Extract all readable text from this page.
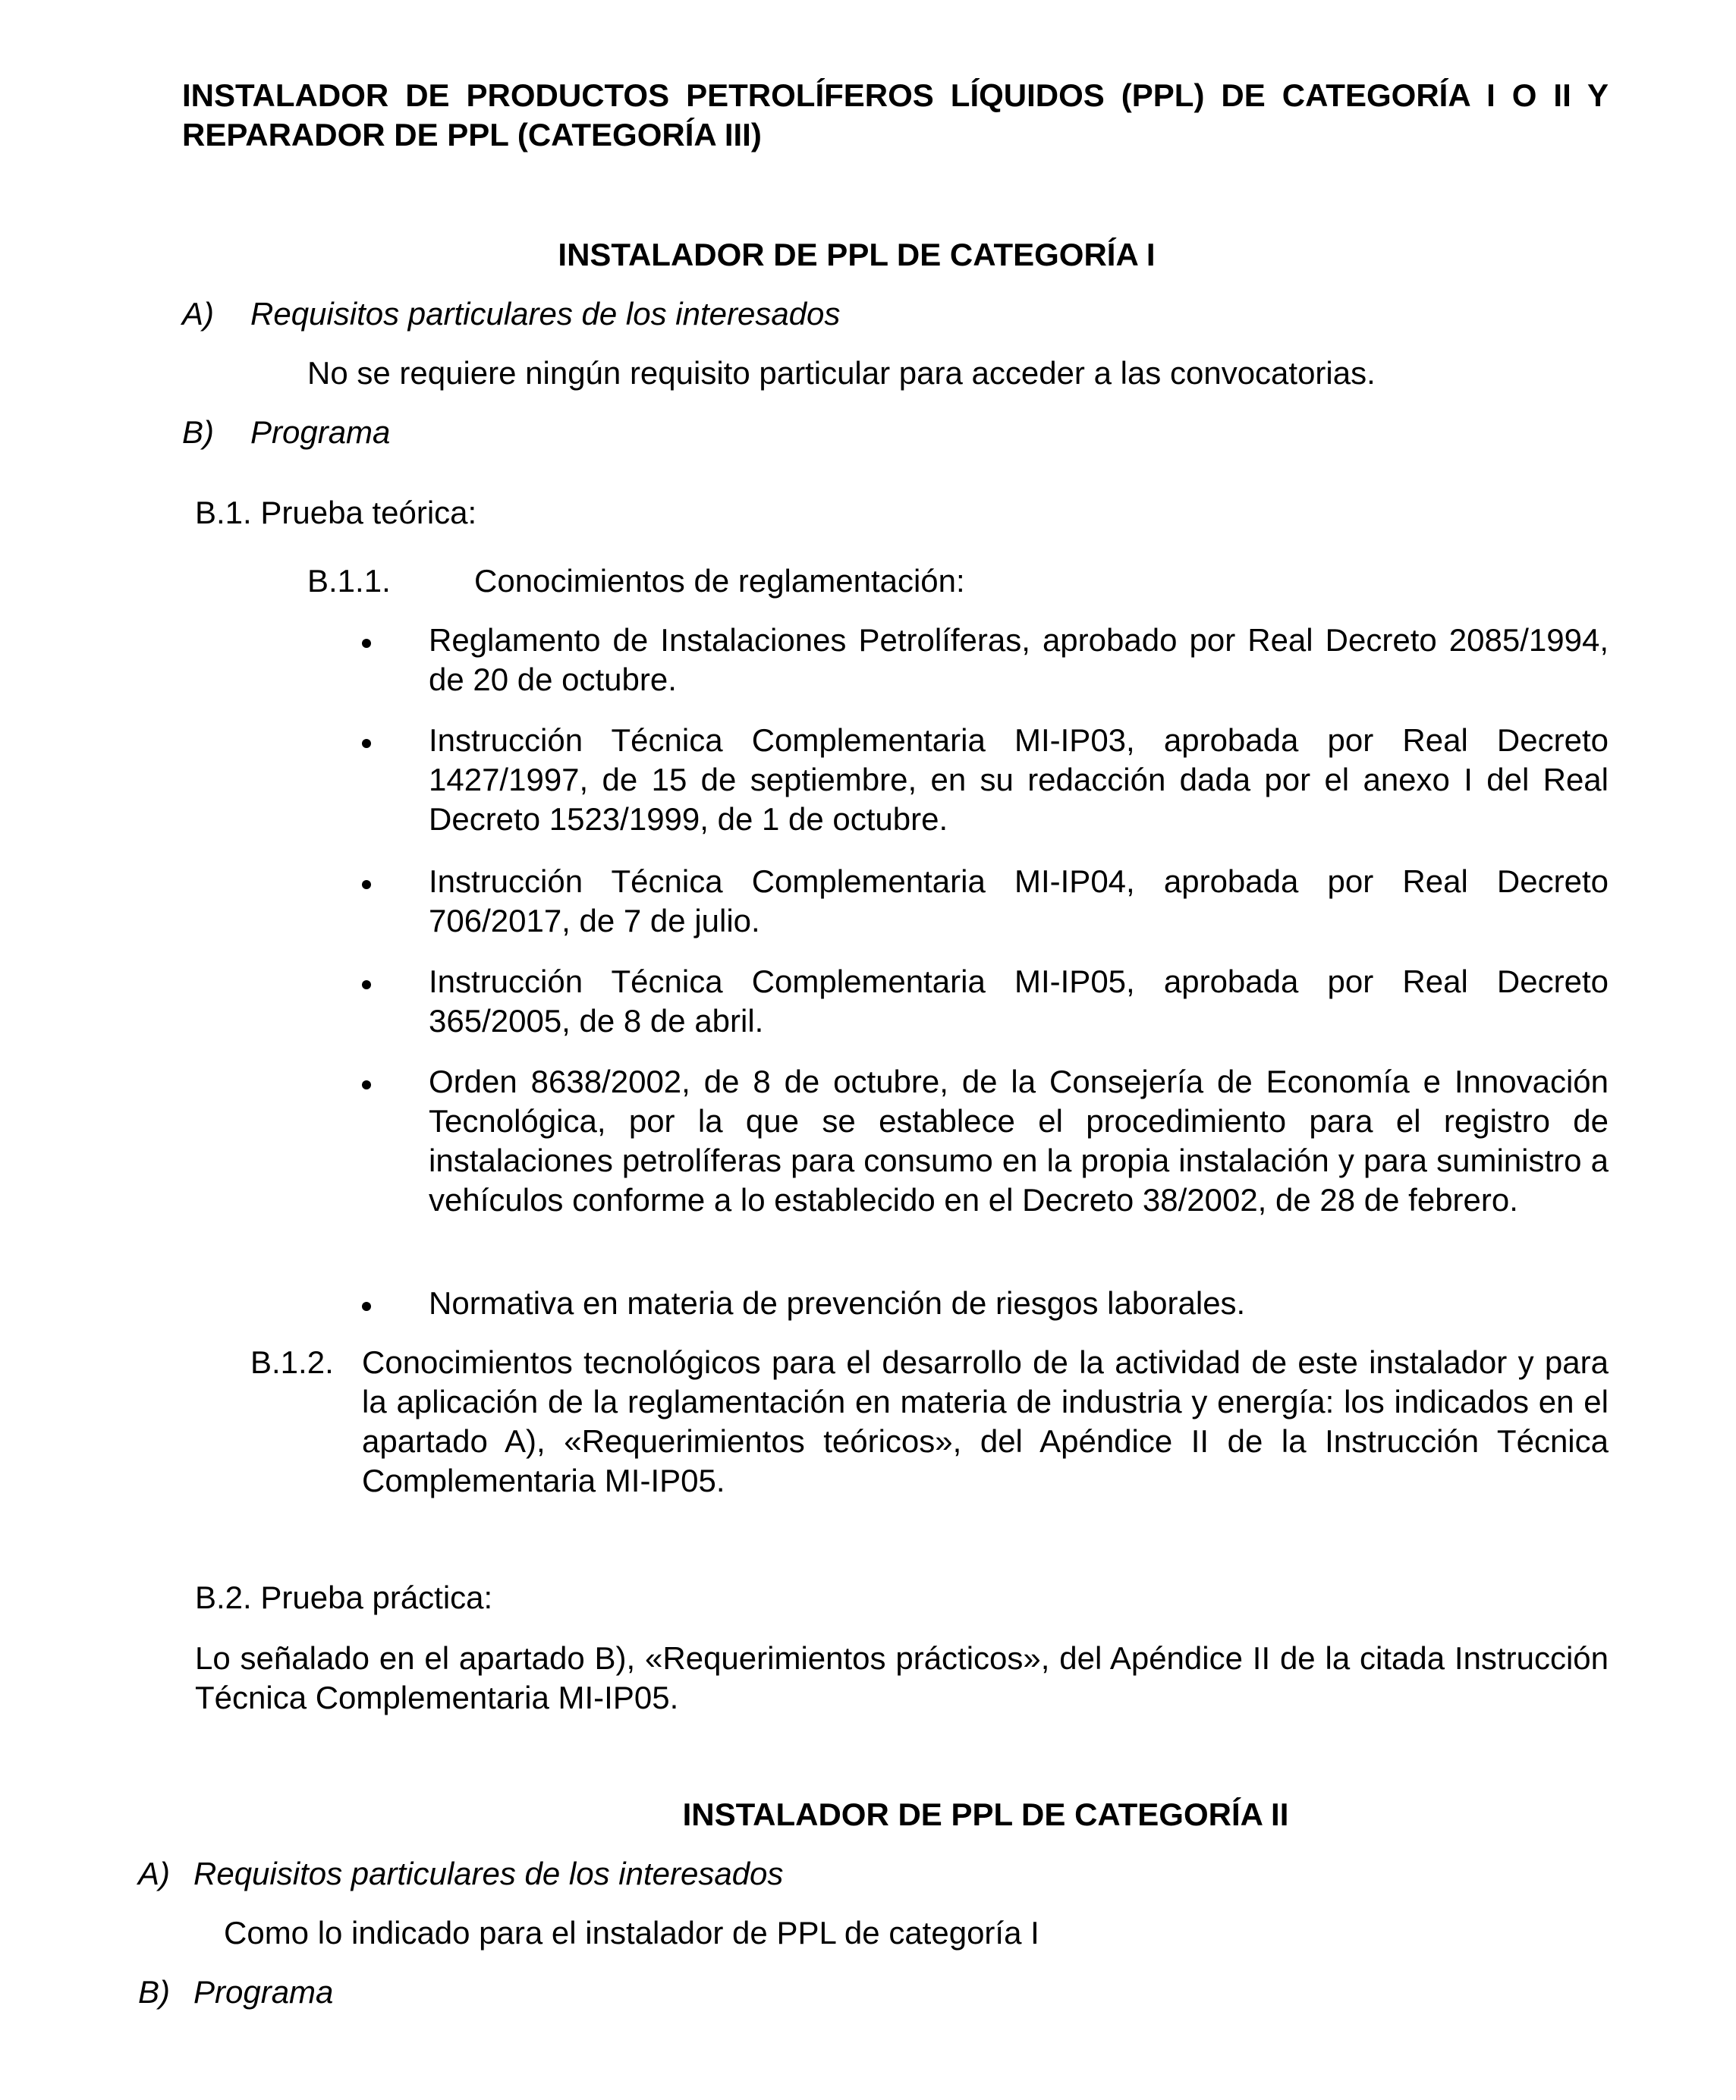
INSTALADOR DE PRODUCTOS PETROLÍFEROS LÍQUIDOS (PPL) DE CATEGORÍA I O II Y REPARADOR DE PPL (CATEGORÍA III)
INSTALADOR DE PPL DE CATEGORÍA I
A) Requisitos particulares de los interesados
No se requiere ningún requisito particular para acceder a las convocatorias.
B) Programa
B.1. Prueba teórica:
B.1.1.	Conocimientos de reglamentación:
Reglamento de Instalaciones Petrolíferas, aprobado por Real Decreto 2085/1994, de 20 de octubre.
Instrucción Técnica Complementaria MI-IP03, aprobada por Real Decreto 1427/1997, de 15 de septiembre, en su redacción dada por el anexo I del Real Decreto 1523/1999, de 1 de octubre.
Instrucción Técnica Complementaria MI-IP04, aprobada por Real Decreto 706/2017, de 7 de julio.
Instrucción Técnica Complementaria MI-IP05, aprobada por Real Decreto 365/2005, de 8 de abril.
Orden 8638/2002, de 8 de octubre, de la Consejería de Economía e Innovación Tecnológica, por la que se establece el procedimiento para el registro de instalaciones petrolíferas para consumo en la propia instalación y para suministro a vehículos conforme a lo establecido en el Decreto 38/2002, de 28 de febrero.
Normativa en materia de prevención de riesgos laborales.
B.1.2. Conocimientos tecnológicos para el desarrollo de la actividad de este instalador y para la aplicación de la reglamentación en materia de industria y energía: los indicados en el apartado A), «Requerimientos teóricos», del Apéndice II de la Instrucción Técnica Complementaria MI-IP05.
B.2. Prueba práctica:
Lo señalado en el apartado B), «Requerimientos prácticos», del Apéndice II de la citada Instrucción Técnica Complementaria MI-IP05.
INSTALADOR DE PPL DE CATEGORÍA II
A) Requisitos particulares de los interesados
Como lo indicado para el instalador de PPL de categoría I
B) Programa
